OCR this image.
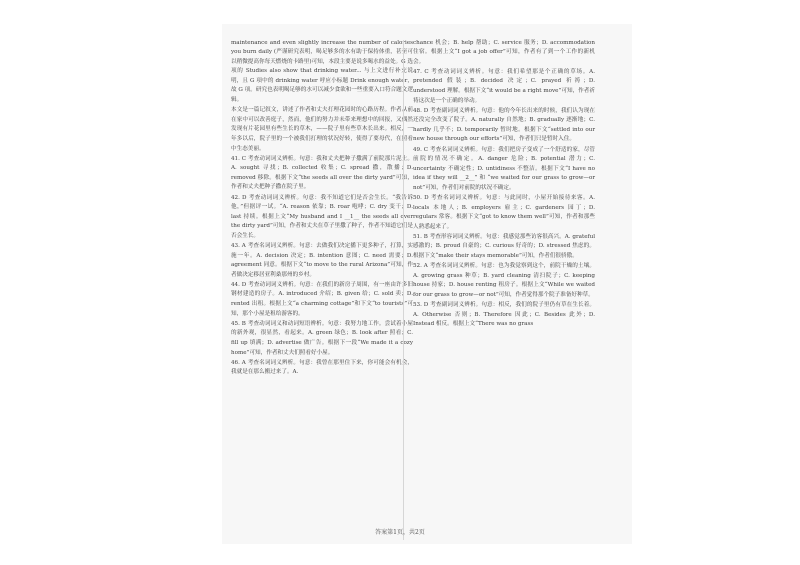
maintenance and even slightly increase the number of calories you burn daily (严谨研究表明，喝足够多的水有助于保持体重，甚至可以稍微提高你每天燃烧的卡路里)可知，本段主要是说多喝水的益处。G 选项的 Studies also show that drinking water... 与上文进行补充说明，且 G 项中的 drinking water 呼应小标题 Drink enough water，故 G 项。研究也表明喝足够的水可以减少食欲和一些重要入口符合题文逻辑。

本文是一篇记叙文，讲述了作者和丈夫打理花园时的心路历程。作者从前在家中可以改善庭子，然而，他们的努力并未带来理想中的回报，又偶然发现有片花园里有些生长的草木，——院子里有些草木长出来。相反，一年多以后，院子里的一个被我们打理的状况好转，使得了要母代，在照看中生态美丽。

41. C 考查动词词义辨析。句意：我和丈夫把种子撒满了前院那片泥土。A. sought 寻找；B. collected 收集；C. spread 撒，散播；D. removed 移除。根据下文“the seeds all over the dirty yard”可知，作者和丈夫把种子撒在院子里。

42. D 考查动词词义辨析。句意：我不知道它们是否会生长。“我告诉他，”但据评一试。“A. reason 依靠；B. roar 咆哮；C. dry 变干；D. last 持续。根据上文“My husband and I __1__ the seeds all over the dirty yard”可知，作者和丈夫在草子里撒了种子，作者不知道它们是否会生长。

43. A 考查名词词义辨析。句意：去做我们决定播下更多种子，打算，实施一年。A. decision 决定；B. intention 意图；C. need 需要；D. agreement 同意。根据下文“to move to the rural Arizona”可知，作者做决定移居亚利桑那州的乡村。

44. D 考查动词词义辨析。句意：在我们的新房子周围，有一座由许多旧钢材建造的房子。A. introduced 介绍；B. given 给；C. sold 卖；D. rented 出租。根据上文“a charming cottage”和下文“to tourists”可知，那个小屋是租给游客的。

45. B 考查动词词义和动词短语辨析。句意：我努力地工作。尝试着小屋的新外观，很显然，看起来。A. green 绿色；B. look after 照看；C. fill up 填满；D. advertise 做广告。根据下一段“We made it a cozy home”可知，作者和丈夫们照看好小屋。

46. A 考查名词词义辨析。句意：我曾在那里住下来，你可能会有机会，我就是在那么搬过来了。A.

chance 机会；B. help 帮助；C. service 服务；D. accommodation 住宿。根据上文“I got a job offer”可知，作者有了到一个工作的新机会。

47. C 考查动词词义辨析。句意：我们希望那是个正确的草场。A. pretended 假装；B. decided 决定；C. prayed 祈祷；D. understood 理解。根据下文“it would be a right move”可知，作者祈祷这次是一个正确的举动。

48. D 考查副词词义辨析。句意：他的今年长出来的时候，我们认为现在还没完全改变了院子。A. naturally 自然地；B. gradually 逐渐地；C. hardly 几乎不；D. temporarily 暂时地。根据下文“settled into our new house through our efforts”可知，作者们只是暂时入住。

49. C 考查名词词义辨析。句意：我们把房子变成了一个舒适的家，尽管前院的情况不确定。A. danger 危险；B. potential 潜力；C. uncertainty 不确定性；D. untidiness 不整洁。根据下文“I have no idea if they will __2__” 和 “we waited for our grass to grow—or not”可知，作者们对前院的状况不确定。

50. D 考查名词词义辨析。句意：与此同时，小屋开始接待来客。A. locals 本地人；B. employers 雇主；C. gardeners 园丁；D. regulars 常客。根据下文“got to know them well”可知，作者和那些人熟悉起来了。

51. B 考查形容词词义辨析。句意：我感觉那些访客很高兴。A. grateful 感激的；B. proud 自豪的；C. curious 好奇的；D. stressed 焦虑的。根据下文“make their stays memorable”可知，作者们很骄傲。

52. A 考查名词词义辨析。句意：也为我觉察到这个，前院干燥的土壤。A. growing grass 种草；B. yard cleaning 清扫院子；C. keeping house 持家；D. house renting 租房子。根据上文“While we waited for our grass to grow—or not”可知，作者觉得那个院子准备好种草。

53. D 考查副词词义辨析。句意：相反，我们的院子里仍有草在生长着。A. Otherwise 否则；B. Therefore 因此；C. Besides 此外；D. Instead 相反。根据上文“There was no grass

答案第1页，共2页
